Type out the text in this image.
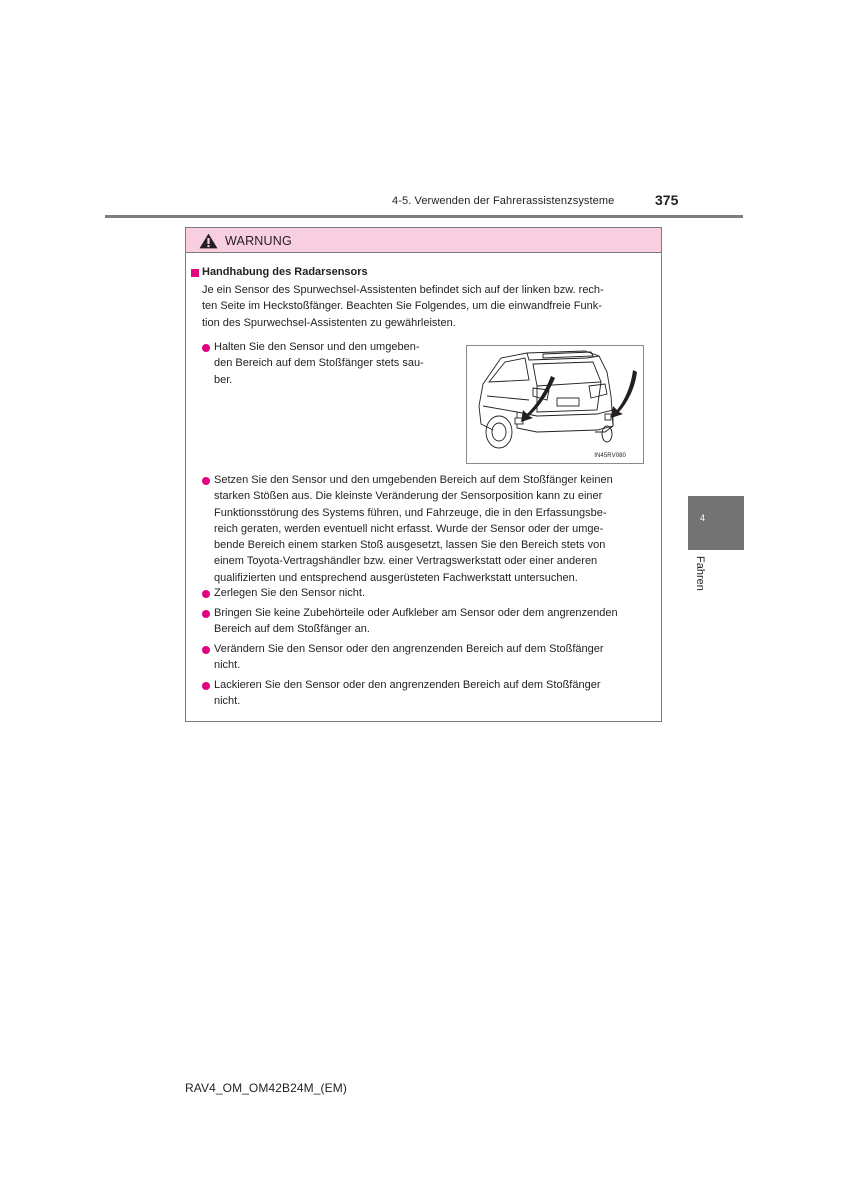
4-5. Verwenden der Fahrerassistenzsysteme	375
4
Fahren
WARNUNG
Handhabung des Radarsensors
Je ein Sensor des Spurwechsel-Assistenten befindet sich auf der linken bzw. rech-
ten Seite im Heckstoßfänger. Beachten Sie Folgendes, um die einwandfreie Funk-
tion des Spurwechsel-Assistenten zu gewährleisten.
Halten Sie den Sensor und den umgeben-
den Bereich auf dem Stoßfänger stets sau-
ber.
IN45RV080
Setzen Sie den Sensor und den umgebenden Bereich auf dem Stoßfänger keinen
starken Stößen aus. Die kleinste Veränderung der Sensorposition kann zu einer
Funktionsstörung des Systems führen, und Fahrzeuge, die in den Erfassungsbe-
reich geraten, werden eventuell nicht erfasst. Wurde der Sensor oder der umge-
bende Bereich einem starken Stoß ausgesetzt, lassen Sie den Bereich stets von
einem Toyota-Vertragshändler bzw. einer Vertragswerkstatt oder einer anderen
qualifizierten und entsprechend ausgerüsteten Fachwerkstatt untersuchen.
Zerlegen Sie den Sensor nicht.
Bringen Sie keine Zubehörteile oder Aufkleber am Sensor oder dem angrenzenden
Bereich auf dem Stoßfänger an.
Verändern Sie den Sensor oder den angrenzenden Bereich auf dem Stoßfänger
nicht.
Lackieren Sie den Sensor oder den angrenzenden Bereich auf dem Stoßfänger
nicht.
RAV4_OM_OM42B24M_(EM)
